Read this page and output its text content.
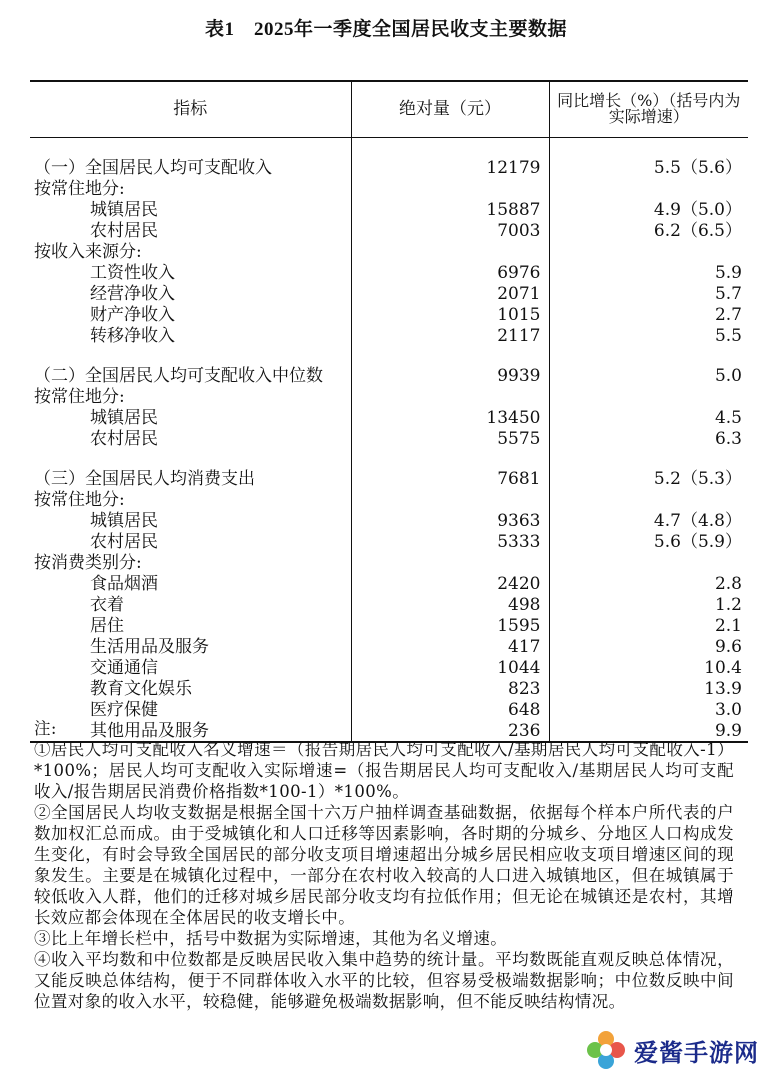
表1　2025年一季度全国居民收支主要数据
指标	绝对量（元）	同比增长（%）（括号内为实际增速）
（一）全国居民人均可支配收入	12179	5.5（5.6）
按常住地分:		
城镇居民	15887	4.9（5.0）
农村居民	7003	6.2（6.5）
按收入来源分:		
工资性收入	6976	5.9
经营净收入	2071	5.7
财产净收入	1015	2.7
转移净收入	2117	5.5
（二）全国居民人均可支配收入中位数	9939	5.0
按常住地分:		
城镇居民	13450	4.5
农村居民	5575	6.3
（三）全国居民人均消费支出	7681	5.2（5.3）
按常住地分:		
城镇居民	9363	4.7（4.8）
农村居民	5333	5.6（5.9）
按消费类别分:		
食品烟酒	2420	2.8
衣着	498	1.2
居住	1595	2.1
生活用品及服务	417	9.6
交通通信	1044	10.4
教育文化娱乐	823	13.9
医疗保健	648	3.0
其他用品及服务	236	9.9

注:

①居民人均可支配收入名义增速＝（报告期居民人均可支配收入/基期居民人均可支配收入-1）*100%；居民人均可支配收入实际增速=（报告期居民人均可支配收入/基期居民人均可支配收入/报告期居民消费价格指数*100-1）*100%。

②全国居民人均收支数据是根据全国十六万户抽样调查基础数据，依据每个样本户所代表的户数加权汇总而成。由于受城镇化和人口迁移等因素影响，各时期的分城乡、分地区人口构成发生变化，有时会导致全国居民的部分收支项目增速超出分城乡居民相应收支项目增速区间的现象发生。主要是在城镇化过程中，一部分在农村收入较高的人口进入城镇地区，但在城镇属于较低收入人群，他们的迁移对城乡居民部分收支均有拉低作用；但无论在城镇还是农村，其增长效应都会体现在全体居民的收支增长中。

③比上年增长栏中，括号中数据为实际增速，其他为名义增速。

④收入平均数和中位数都是反映居民收入集中趋势的统计量。平均数既能直观反映总体情况，又能反映总体结构，便于不同群体收入水平的比较，但容易受极端数据影响；中位数反映中间位置对象的收入水平，较稳健，能够避免极端数据影响，但不能反映结构情况。

爱酱手游网
